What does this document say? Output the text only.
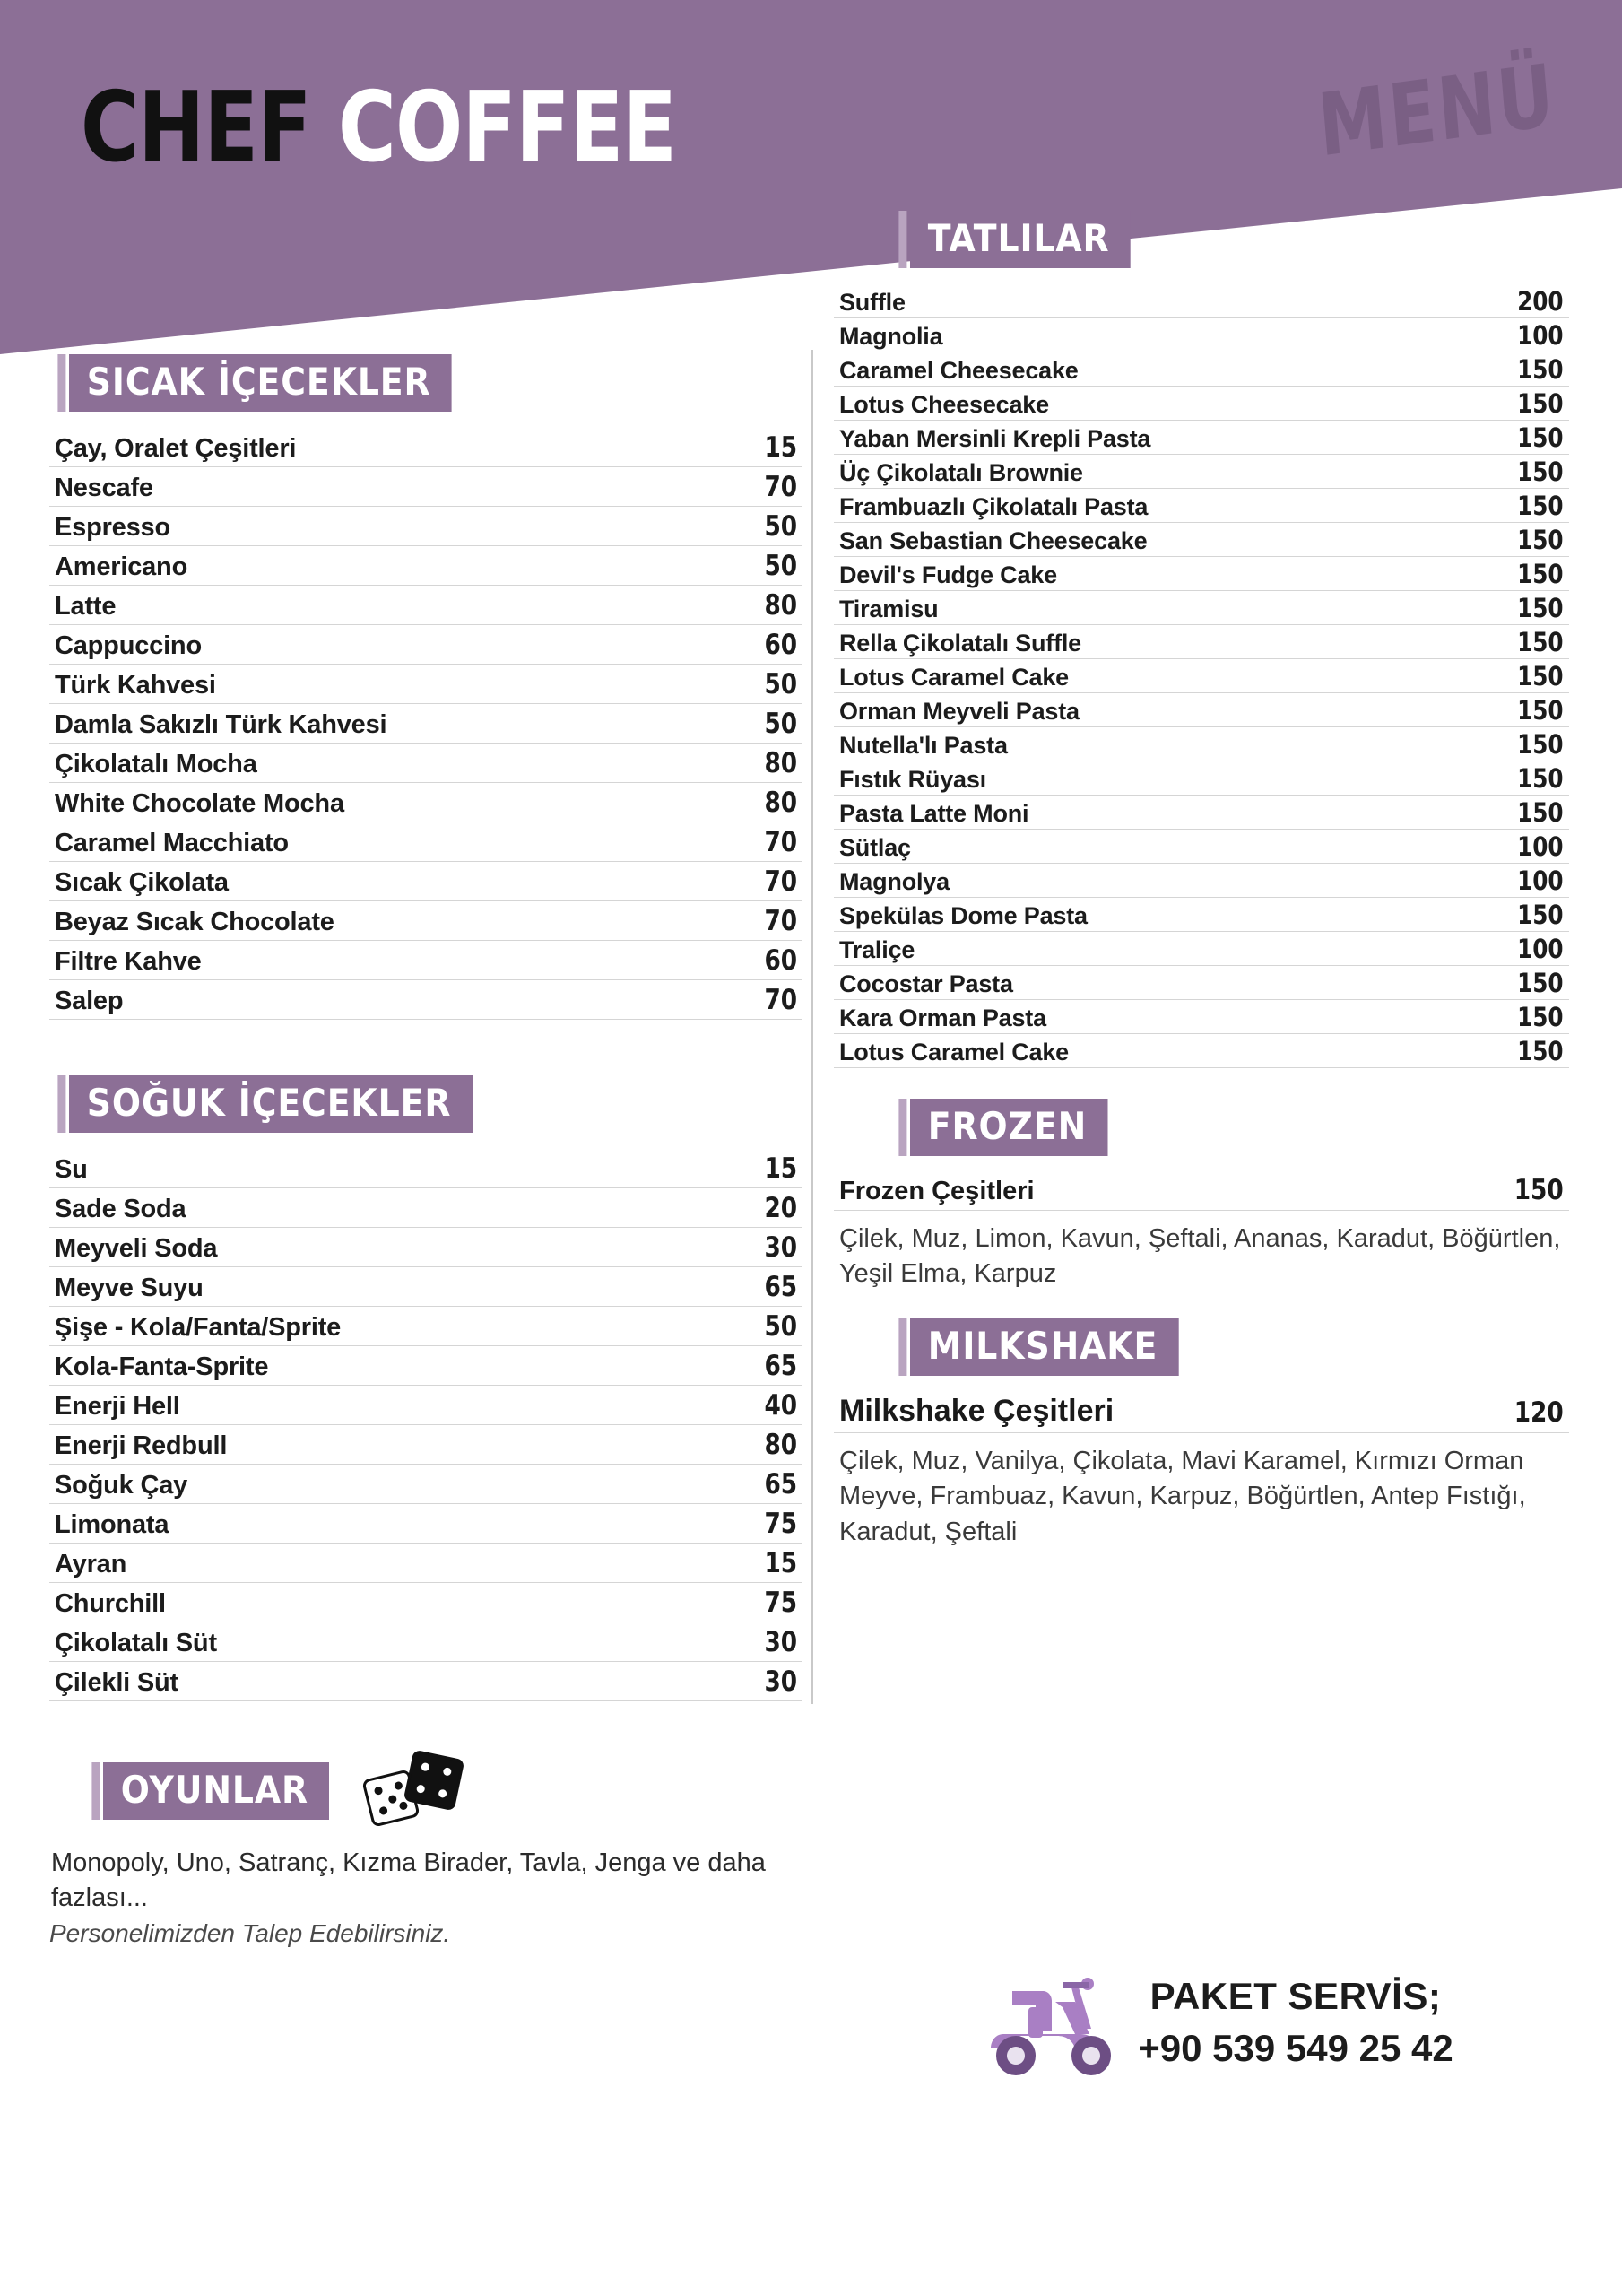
CHEF COFFEE	MENÜ
SICAK İÇECEKLER
Çay, Oralet Çeşitleri	15
Nescafe	70
Espresso	50
Americano	50
Latte	80
Cappuccino	60
Türk Kahvesi	50
Damla Sakızlı Türk Kahvesi	50
Çikolatalı Mocha	80
White Chocolate Mocha	80
Caramel Macchiato	70
Sıcak Çikolata	70
Beyaz Sıcak Chocolate	70
Filtre Kahve	60
Salep	70
SOĞUK İÇECEKLER
Su	15
Sade Soda	20
Meyveli Soda	30
Meyve Suyu	65
Şişe - Kola/Fanta/Sprite	50
Kola-Fanta-Sprite	65
Enerji Hell	40
Enerji Redbull	80
Soğuk Çay	65
Limonata	75
Ayran	15
Churchill	75
Çikolatalı Süt	30
Çilekli Süt	30
OYUNLAR
Monopoly, Uno, Satranç, Kızma Birader, Tavla, Jenga ve daha fazlası...
Personelimizden Talep Edebilirsiniz.
TATLILAR
Suffle	200
Magnolia	100
Caramel Cheesecake	150
Lotus Cheesecake	150
Yaban Mersinli Krepli Pasta	150
Üç Çikolatalı Brownie	150
Frambuazlı Çikolatalı Pasta	150
San Sebastian Cheesecake	150
Devil's Fudge Cake	150
Tiramisu	150
Rella Çikolatalı Suffle	150
Lotus Caramel Cake	150
Orman Meyveli Pasta	150
Nutella'lı Pasta	150
Fıstık Rüyası	150
Pasta Latte Moni	150
Sütlaç	100
Magnolya	100
Spekülas Dome Pasta	150
Traliçe	100
Cocostar Pasta	150
Kara Orman Pasta	150
Lotus Caramel Cake	150
FROZEN
Frozen Çeşitleri	150
Çilek, Muz, Limon, Kavun, Şeftali, Ananas, Karadut, Böğürtlen, Yeşil Elma, Karpuz
MILKSHAKE
Milkshake Çeşitleri	120
Çilek, Muz, Vanilya, Çikolata, Mavi Karamel, Kırmızı Orman Meyve, Frambuaz, Kavun, Karpuz, Böğürtlen, Antep Fıstığı, Karadut, Şeftali
PAKET SERVİS;
+90 539 549 25 42
